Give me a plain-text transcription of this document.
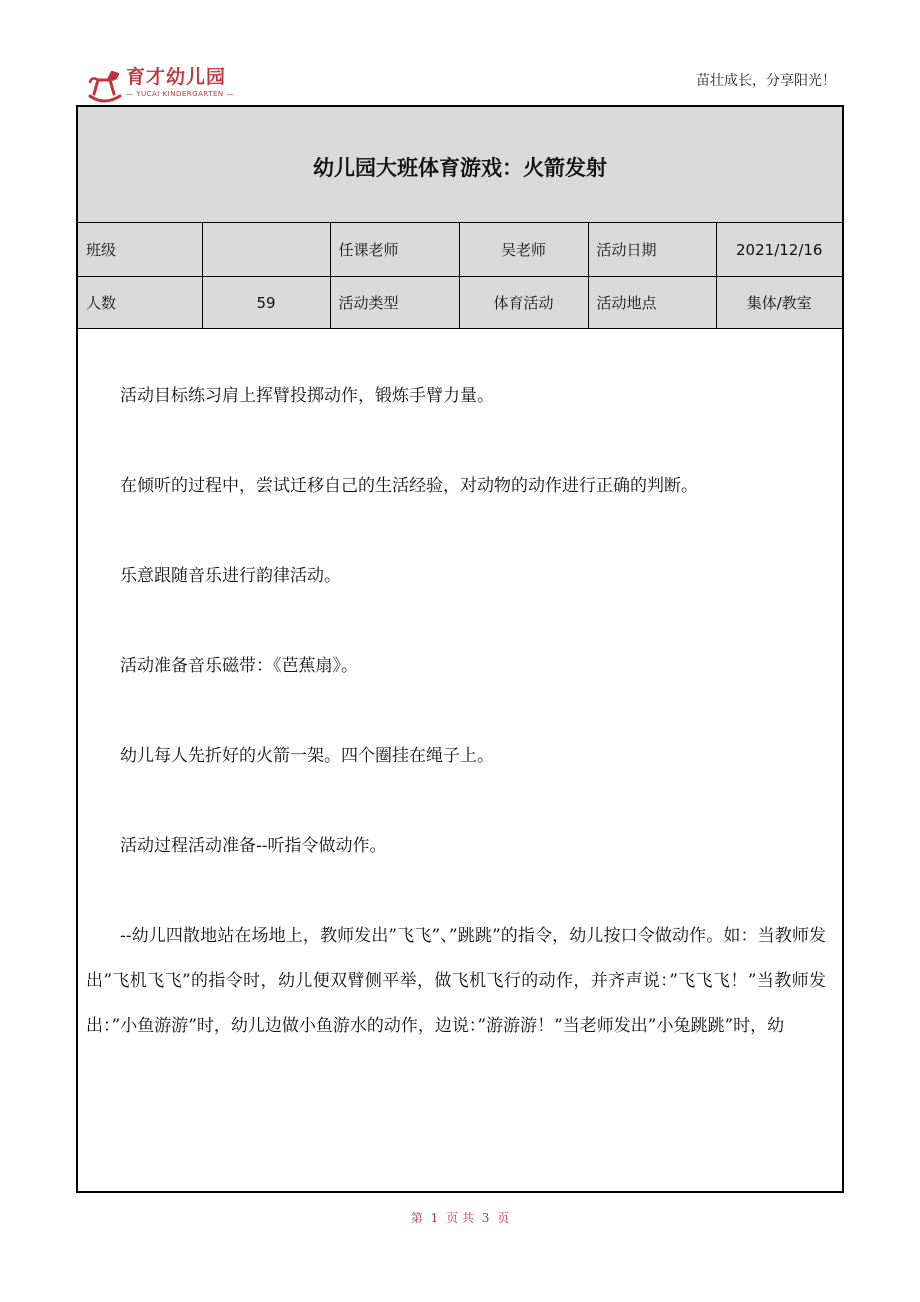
育才幼儿园
— YUCAI KINDERGARTEN —
苗壮成长，分享阳光！
幼儿园大班体育游戏：火箭发射
班级		任课老师	吴老师	活动日期	2021/12/16
人数	59	活动类型	体育活动	活动地点	集体/教室

活动目标练习肩上挥臂投掷动作，锻炼手臂力量。

在倾听的过程中，尝试迁移自己的生活经验，对动物的动作进行正确的判断。

乐意跟随音乐进行韵律活动。

活动准备音乐磁带：《芭蕉扇》。

幼儿每人先折好的火箭一架。四个圈挂在绳子上。

活动过程活动准备--听指令做动作。

--幼儿四散地站在场地上，教师发出”飞飞”、”跳跳”的指令，幼儿按口令做动作。如：当教师发出”飞机飞飞”的指令时，幼儿便双臂侧平举，做飞机飞行的动作，并齐声说：”飞飞飞！”当教师发出：”小鱼游游”时，幼儿边做小鱼游水的动作，边说：”游游游！”当老师发出”小兔跳跳”时，幼

第 1 页 共 3 页
